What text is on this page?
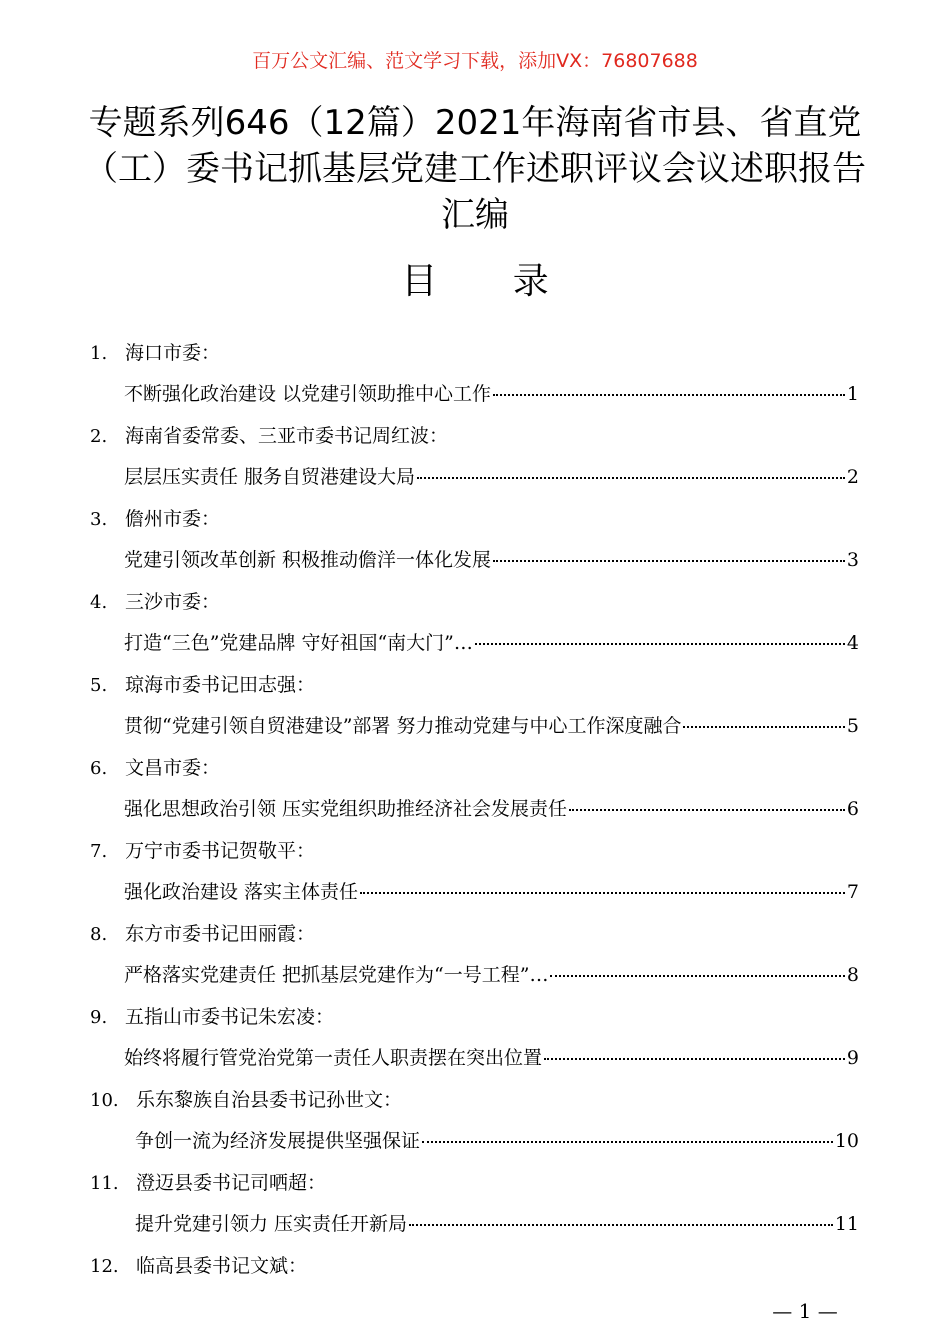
百万公文汇编、范文学习下载，添加VX：76807688
专题系列646（12篇）2021年海南省市县、省直党（工）委书记抓基层党建工作述职评议会议述职报告汇编
目 录
1. 海口市委：
不断强化政治建设 以党建引领助推中心工作	1
2. 海南省委常委、三亚市委书记周红波：
层层压实责任 服务自贸港建设大局	2
3. 儋州市委：
党建引领改革创新 积极推动儋洋一体化发展	3
4. 三沙市委：
打造“三色”党建品牌 守好祖国“南大门”…	4
5. 琼海市委书记田志强：
贯彻“党建引领自贸港建设”部署 努力推动党建与中心工作深度融合	5
6. 文昌市委：
强化思想政治引领 压实党组织助推经济社会发展责任	6
7. 万宁市委书记贺敬平：
强化政治建设 落实主体责任	7
8. 东方市委书记田丽霞：
严格落实党建责任 把抓基层党建作为“一号工程”…	8
9. 五指山市委书记朱宏凌：
始终将履行管党治党第一责任人职责摆在突出位置	9
10. 乐东黎族自治县委书记孙世文：
争创一流为经济发展提供坚强保证	10
11. 澄迈县委书记司哂超：
提升党建引领力 压实责任开新局	11
12. 临高县委书记文斌：
— 1 —
